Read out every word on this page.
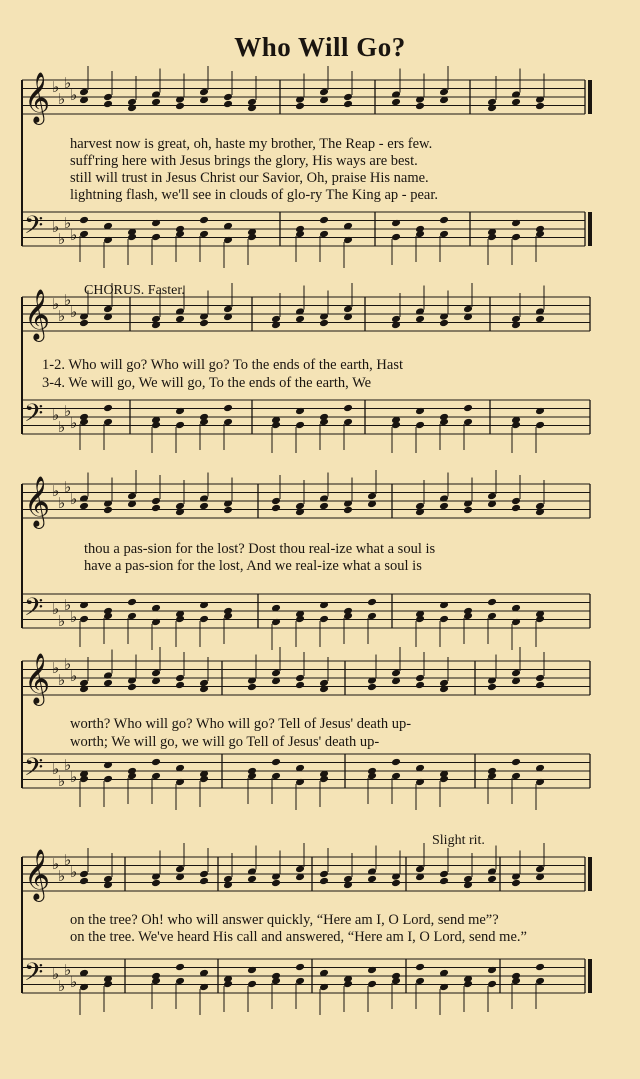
𝄞 ♭
♭
♭
♭
𝄢 ♭
♭
♭
♭
𝄞 ♭
♭
♭
♭
𝄢 ♭
♭
♭
♭
𝄞 ♭
♭
♭
♭
𝄢 ♭
♭
♭
♭
𝄞 ♭
♭
♭
♭
𝄢 ♭
♭
♭
♭
𝄞 ♭
♭
♭
♭
𝄢 ♭
♭
♭
♭
Who Will Go?
harvest now is great, oh, haste my brother, The Reap - ers few.
suff'ring here with Jesus brings the glory, His ways are best.
still will trust in Jesus Christ our Savior, Oh, praise His name.
lightning flash, we'll see in clouds of glo-ry The King ap - pear.
CHORUS. Faster.
1-2. Who will go? Who will go? To the ends of the earth, Hast
3-4. We will go, We will go, To the ends of the earth, We
thou a pas-sion for the lost? Dost thou real-ize what a soul is
have a pas-sion for the lost, And we real-ize what a soul is
worth? Who will go? Who will go? Tell of Jesus' death up-
worth; We will go, we will go Tell of Jesus' death up-
Slight rit.
on the tree? Oh! who will answer quickly, “Here am I, O Lord, send me”?
on the tree. We've heard His call and answered, “Here am I, O Lord, send me.”
